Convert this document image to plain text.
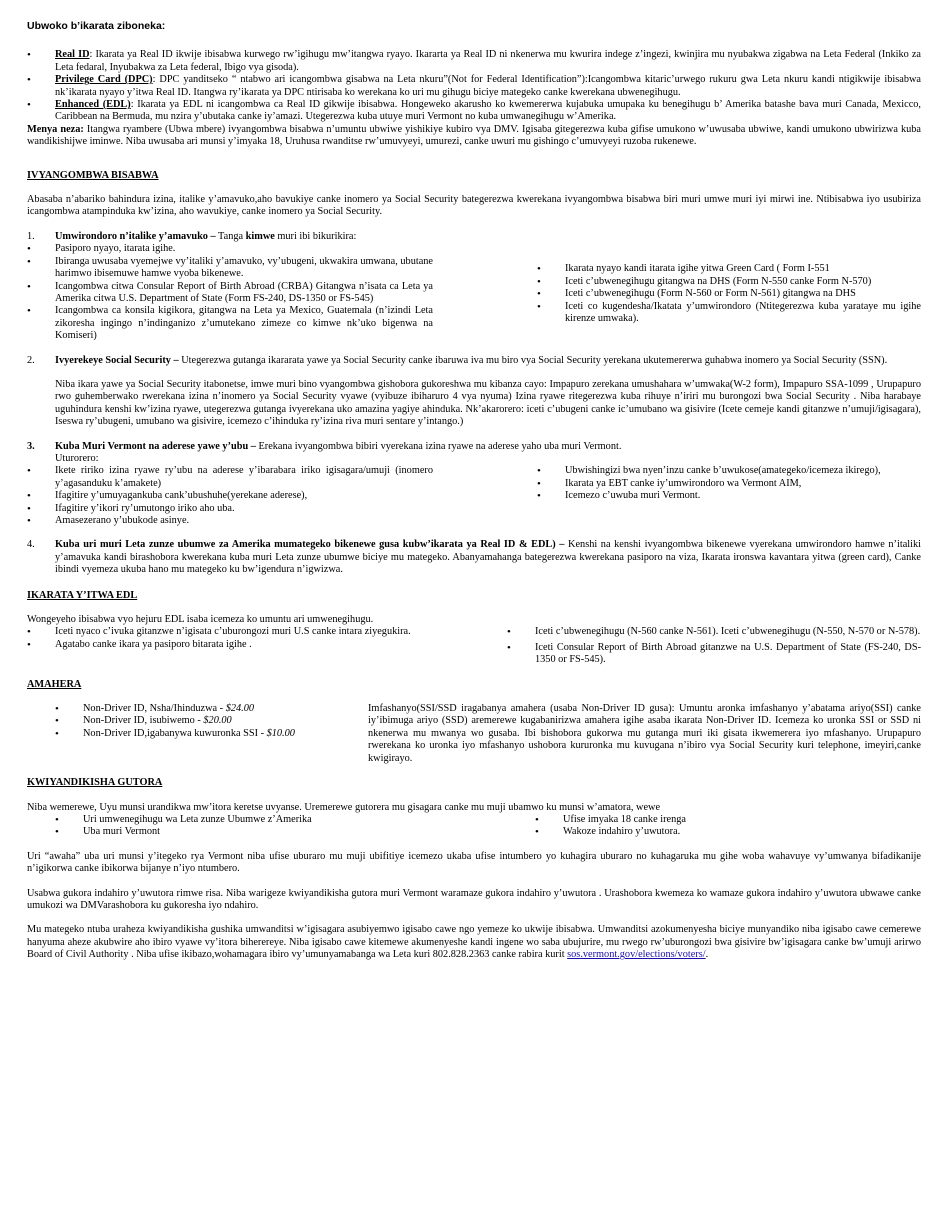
Ubwoko b’ikarata ziboneka:

• Real ID: Ikarata ya Real ID ikwije ibisabwa kurwego rw’igihugu mw’itangwa ryayo. Ikararta ya Real ID ni nkenerwa mu kwurira indege z’ingezi, kwinjira mu nyubakwa zigabwa na Leta Federal (Inkiko za Leta fedaral, Inyubakwa za Leta federal, Ibigo vya gisoda).
• Privilege Card (DPC): DPC yanditseko “ ntabwo ari icangombwa gisabwa na Leta nkuru”(Not for Federal Identification”):Icangombwa kitaric’urwego rukuru gwa Leta nkuru kandi ntigikwije ibisabwa nk’ikarata nyayo y’itwa Real ID. Itangwa ry’ikarata ya DPC ntirisaba ko werekana ko uri mu gihugu biciye mategeko canke kwerekana ubwenegihugu.
• Enhanced (EDL): Ikarata ya EDL ni icangombwa ca Real ID gikwije ibisabwa. Hongeweko akarusho ko kwemererwa kujabuka umupaka ku benegihugu b’ Amerika batashe bava muri Canada, Mexicco, Caribbean na Bermuda, mu nzira y’ubutaka canke iy’amazi. Utegerezwa kuba utuye muri Vermont no kuba umwanegihugu w’Amerika.

Menya neza: Itangwa ryambere (Ubwa mbere) ivyangombwa bisabwa n’umuntu ubwiwe yishikiye kubiro vya DMV. Igisaba gitegerezwa kuba gifise umukono w’uwusaba ubwiwe, kandi umukono ubwirizwa kuba wandikishijwe iminwe. Niba uwusaba ari munsi y’imyaka 18, Uruhusa rwanditse rw’umuvyeyi, umurezi, canke uwuri mu gishingo c’umuvyeyi ruzoba rukenewe.

IVYANGOMBWA BISABWA

Abasaba n’abariko bahindura izina, italike y’amavuko,aho bavukiye canke inomero ya Social Security bategerezwa kwerekana ivyangombwa bisabwa biri muri umwe muri iyi mirwi ine. Ntibisabwa iyo usubiriza icangombwa atampinduka kw’izina, aho wavukiye, canke inomero ya Social Security.

1. Umwirondoro n’italike y’amavuko – Tanga kimwe muri ibi bikurikira:

• Pasiporo nyayo, itarata igihe.
• Ibiranga uwusaba vyemejwe vy’italiki y’amavuko, vy’ubugeni, ukwakira umwana, ubutane harimwo ibisemuwe hamwe vyoba bikenewe.
• Icangombwa citwa Consular Report of Birth Abroad (CRBA) Gitangwa n’isata ca Leta ya Amerika citwa U.S. Department of State (Form FS-240, DS-1350 or FS-545)
• Icangombwa ca konsila kigikora, gitangwa na Leta ya Mexico, Guatemala (n’izindi Leta zikoresha ingingo n’indinganizo z’umutekano zimeze co kimwe nk’uko bigenwa na Komiseri)
• Ikarata nyayo kandi itarata igihe yitwa Green Card ( Form I-551
• Iceti c’ubwenegihugu gitangwa na DHS (Form N-550 canke Form N-570)
• Iceti c’ubwenegihugu (Form N-560 or Form N-561) gitangwa na DHS
• Iceti co kugendesha/Ikatata y’umwirondoro (Ntitegerezwa kuba yarataye mu igihe kirenze umwaka).
2. Ivyerekeye Social Security – Utegerezwa gutanga ikararata yawe ya Social Security canke ibaruwa iva mu biro vya Social Security yerekana ukutemererwa guhabwa inomero ya Social Security (SSN).

Niba ikara yawe ya Social Security itabonetse, imwe muri bino vyangombwa gishobora gukoreshwa mu kibanza cayo: Impapuro zerekana umushahara w’umwaka(W-2 form), Impapuro SSA-1099 , Urupapuro rwo guhemberwako rwerekana izina n’inomero ya Social Security vyawe (vyibuze ibiharuro 4 vya nyuma) Izina ryawe ritegerezwa kuba rihuye n’iriri mu burongozi bwa Social Security . Niba harabaye uguhindura kenshi kw’izina ryawe, utegerezwa gutanga ivyerekana uko amazina yagiye ahinduka. Nk’akarorero: iceti c’ubugeni canke ic’umubano wa gisivire (Icete cemeje kandi gitanzwe n’umuji/igisagara), Iseswa ry’ubugeni, umubano wa gisivire, icemezo c’ihinduka ry’izina riva muri sentare y’intango.)

3. Kuba Muri Vermont na aderese yawe y’ubu – Erekana ivyangombwa bibiri vyerekana izina ryawe na aderese yaho uba muri Vermont.

Uturorero:

• Ikete ririko izina ryawe ry’ubu na aderese y’ibarabara iriko igisagara/umuji (inomero y’agasanduku k’amakete)
• Ifagitire y’umuyagankuba cank’ubushuhe(yerekane aderese),
• Ifagitire y’ikori ry’umutongo iriko aho uba.
• Amasezerano y’ubukode asinye.
• Ubwishingizi bwa nyen’inzu canke b’uwukose(amategeko/icemeza ikirego),
• Ikarata ya EBT canke iy’umwirondoro wa Vermont AIM,
• Icemezo c’uwuba muri Vermont.
4. Kuba uri muri Leta zunze ubumwe za Amerika mumategeko bikenewe gusa kubw’ikarata ya Real ID & EDL) – Kenshi na kenshi ivyangombwa bikenewe vyerekana umwirondoro hamwe n’italiki y’amavuka kandi birashobora kwerekana kuba muri Leta zunze ubumwe biciye mu mategeko. Abanyamahanga bategerezwa kwerekana pasiporo na viza, Ikarata ironswa kavantara yitwa (green card), Canke ibindi vyemeza ukuba hano mu mategeko ku bw’igendura n’igwizwa.

IKARATA Y’ITWA EDL

Wongeyeho ibisabwa vyo hejuru EDL isaba icemeza ko umuntu ari umwenegihugu.

• Iceti nyaco c’ivuka gitanzwe n’igisata c’uburongozi muri U.S canke intara ziyegukira.
• Agatabo canke ikara ya pasiporo bitarata igihe .
• Iceti c’ubwenegihugu (N-560 canke N-561). Iceti c’ubwenegihugu (N-550, N-570 or N-578).
• Iceti Consular Report of Birth Abroad gitanzwe na U.S. Department of State (FS-240, DS-1350 or FS-545).

AMAHERA

• Non-Driver ID, Nsha/Ihinduzwa - $24.00
• Non-Driver ID, isubiwemo - $20.00
• Non-Driver ID,igabanywa kuwuronka SSI - $10.00

Imfashanyo(SSI/SSD iragabanya amahera (usaba Non-Driver ID gusa): Umuntu aronka imfashanyo y’abatama ariyo(SSI) canke iy’ibimuga ariyo (SSD) aremerewe kugabanirizwa amahera igihe asaba ikarata Non-Driver ID. Icemeza ko uronka SSI or SSD ni nkenerwa mu mwanya wo gusaba. Ibi bishobora gukorwa mu gutanga muri iki gisata ikwemerera iyo mfashanyo. Urupapuro rwerekana ko uronka iyo mfashanyo ushobora kururonka mu kuvugana n’ibiro vya Social Security kuri telephone, imeyiri,canke kwigirayo.

KWIYANDIKISHA GUTORA

Niba wemerewe, Uyu munsi urandikwa mw’itora keretse uvyanse. Uremerewe gutorera mu gisagara canke mu muji ubamwo ku munsi w’amatora, wewe

• Uri umwenegihugu wa Leta zunze Ubumwe z’Amerika
• Uba muri Vermont
• Ufise imyaka 18 canke irenga
• Wakoze indahiro y’uwutora.

Uri “awaha” uba uri munsi y’itegeko rya Vermont niba ufise uburaro mu muji ubifitiye icemezo ukaba ufise intumbero yo kuhagira uburaro no kuhagaruka mu gihe woba wahavuye vy’umwanya bifadikanije n’igikorwa canke ibikorwa bijanye n’iyo ntumbero.

Usabwa gukora indahiro y’uwutora rimwe risa. Niba warigeze kwiyandikisha gutora muri Vermont waramaze gukora indahiro y’uwutora . Urashobora kwemeza ko wamaze gukora indahiro y’uwutora ubwawe canke umukozi wa DMVarashobora ku gukoresha iyo ndahiro.

Mu mategeko ntuba uraheza kwiyandikisha gushika umwanditsi w’igisagara asubiyemwo igisabo cawe ngo yemeze ko ukwije ibisabwa. Umwanditsi azokumenyesha biciye munyandiko niba igisabo cawe cemerewe hanyuma aheze akubwire aho ibiro vyawe vy’itora biherereye. Niba igisabo cawe kitemewe akumenyeshe kandi ingene wo saba ubujurire, mu rwego rw’uburongozi bwa gisivire bw’igisagara canke bw’umuji arirwo Board of Civil Authority . Niba ufise ikibazo,wohamagara ibiro vy’umunyamabanga wa Leta kuri 802.828.2363 canke rabira kurit sos.vermont.gov/elections/voters/.
